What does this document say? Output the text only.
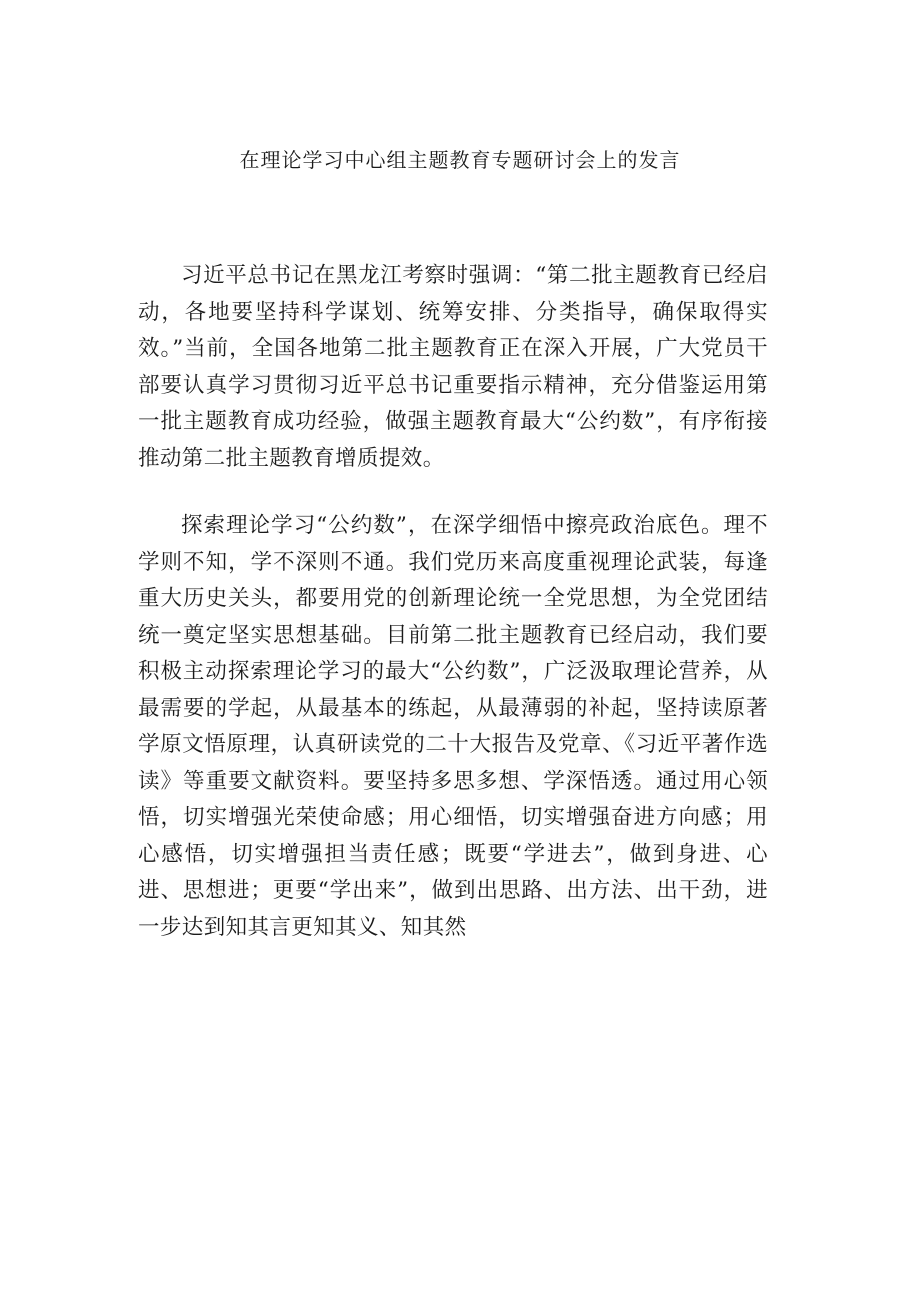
在理论学习中心组主题教育专题研讨会上的发言

习近平总书记在黑龙江考察时强调：“第二批主题教育已经启动，各地要坚持科学谋划、统筹安排、分类指导，确保取得实效。”当前，全国各地第二批主题教育正在深入开展，广大党员干部要认真学习贯彻习近平总书记重要指示精神，充分借鉴运用第一批主题教育成功经验，做强主题教育最大“公约数”，有序衔接推动第二批主题教育增质提效。

探索理论学习“公约数”，在深学细悟中擦亮政治底色。理不学则不知，学不深则不通。我们党历来高度重视理论武装，每逢重大历史关头，都要用党的创新理论统一全党思想，为全党团结统一奠定坚实思想基础。目前第二批主题教育已经启动，我们要积极主动探索理论学习的最大“公约数”，广泛汲取理论营养，从最需要的学起，从最基本的练起，从最薄弱的补起，坚持读原著学原文悟原理，认真研读党的二十大报告及党章、《习近平著作选读》等重要文献资料。要坚持多思多想、学深悟透。通过用心领悟，切实增强光荣使命感；用心细悟，切实增强奋进方向感；用心感悟，切实增强担当责任感；既要“学进去”，做到身进、心进、思想进；更要“学出来”，做到出思路、出方法、出干劲，进一步达到知其言更知其义、知其然
